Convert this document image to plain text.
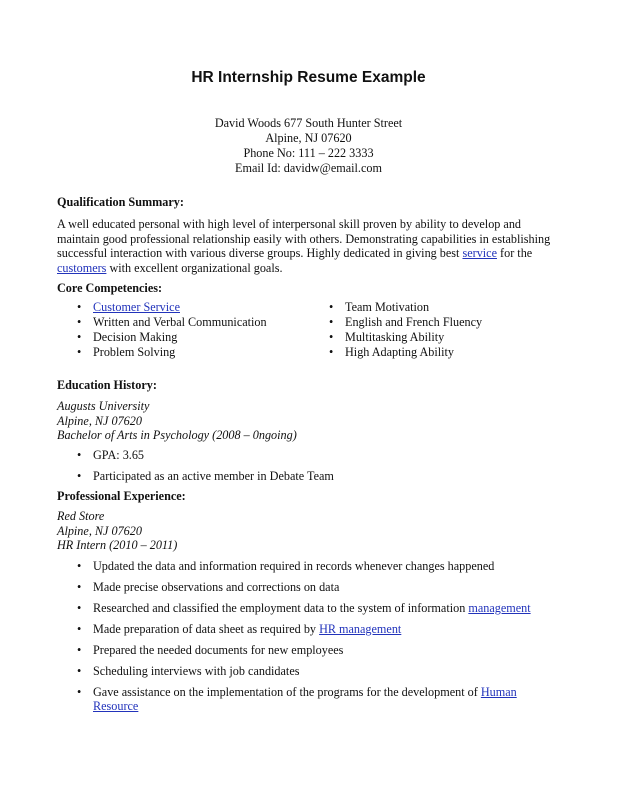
HR Internship Resume Example
David Woods 677 South Hunter Street
Alpine, NJ 07620
Phone No: 111 – 222 3333
Email Id: davidw@email.com
Qualification Summary:
A well educated personal with high level of interpersonal skill proven by ability to develop and
maintain good professional relationship easily with others. Demonstrating capabilities in establishing
successful interaction with various diverse groups. Highly dedicated in giving best service for the
customers with excellent organizational goals.
Core Competencies:
• Customer Service
• Written and Verbal Communication
• Decision Making
• Problem Solving
• Team Motivation
• English and French Fluency
• Multitasking Ability
• High Adapting Ability
Education History:
Augusts University
Alpine, NJ 07620
Bachelor of Arts in Psychology (2008 – 0ngoing)
• GPA: 3.65
• Participated as an active member in Debate Team
Professional Experience:
Red Store
Alpine, NJ 07620
HR Intern (2010 – 2011)
• Updated the data and information required in records whenever changes happened
• Made precise observations and corrections on data
• Researched and classified the employment data to the system of information management
• Made preparation of data sheet as required by HR management
• Prepared the needed documents for new employees
• Scheduling interviews with job candidates
• Gave assistance on the implementation of the programs for the development of Human
Resource
